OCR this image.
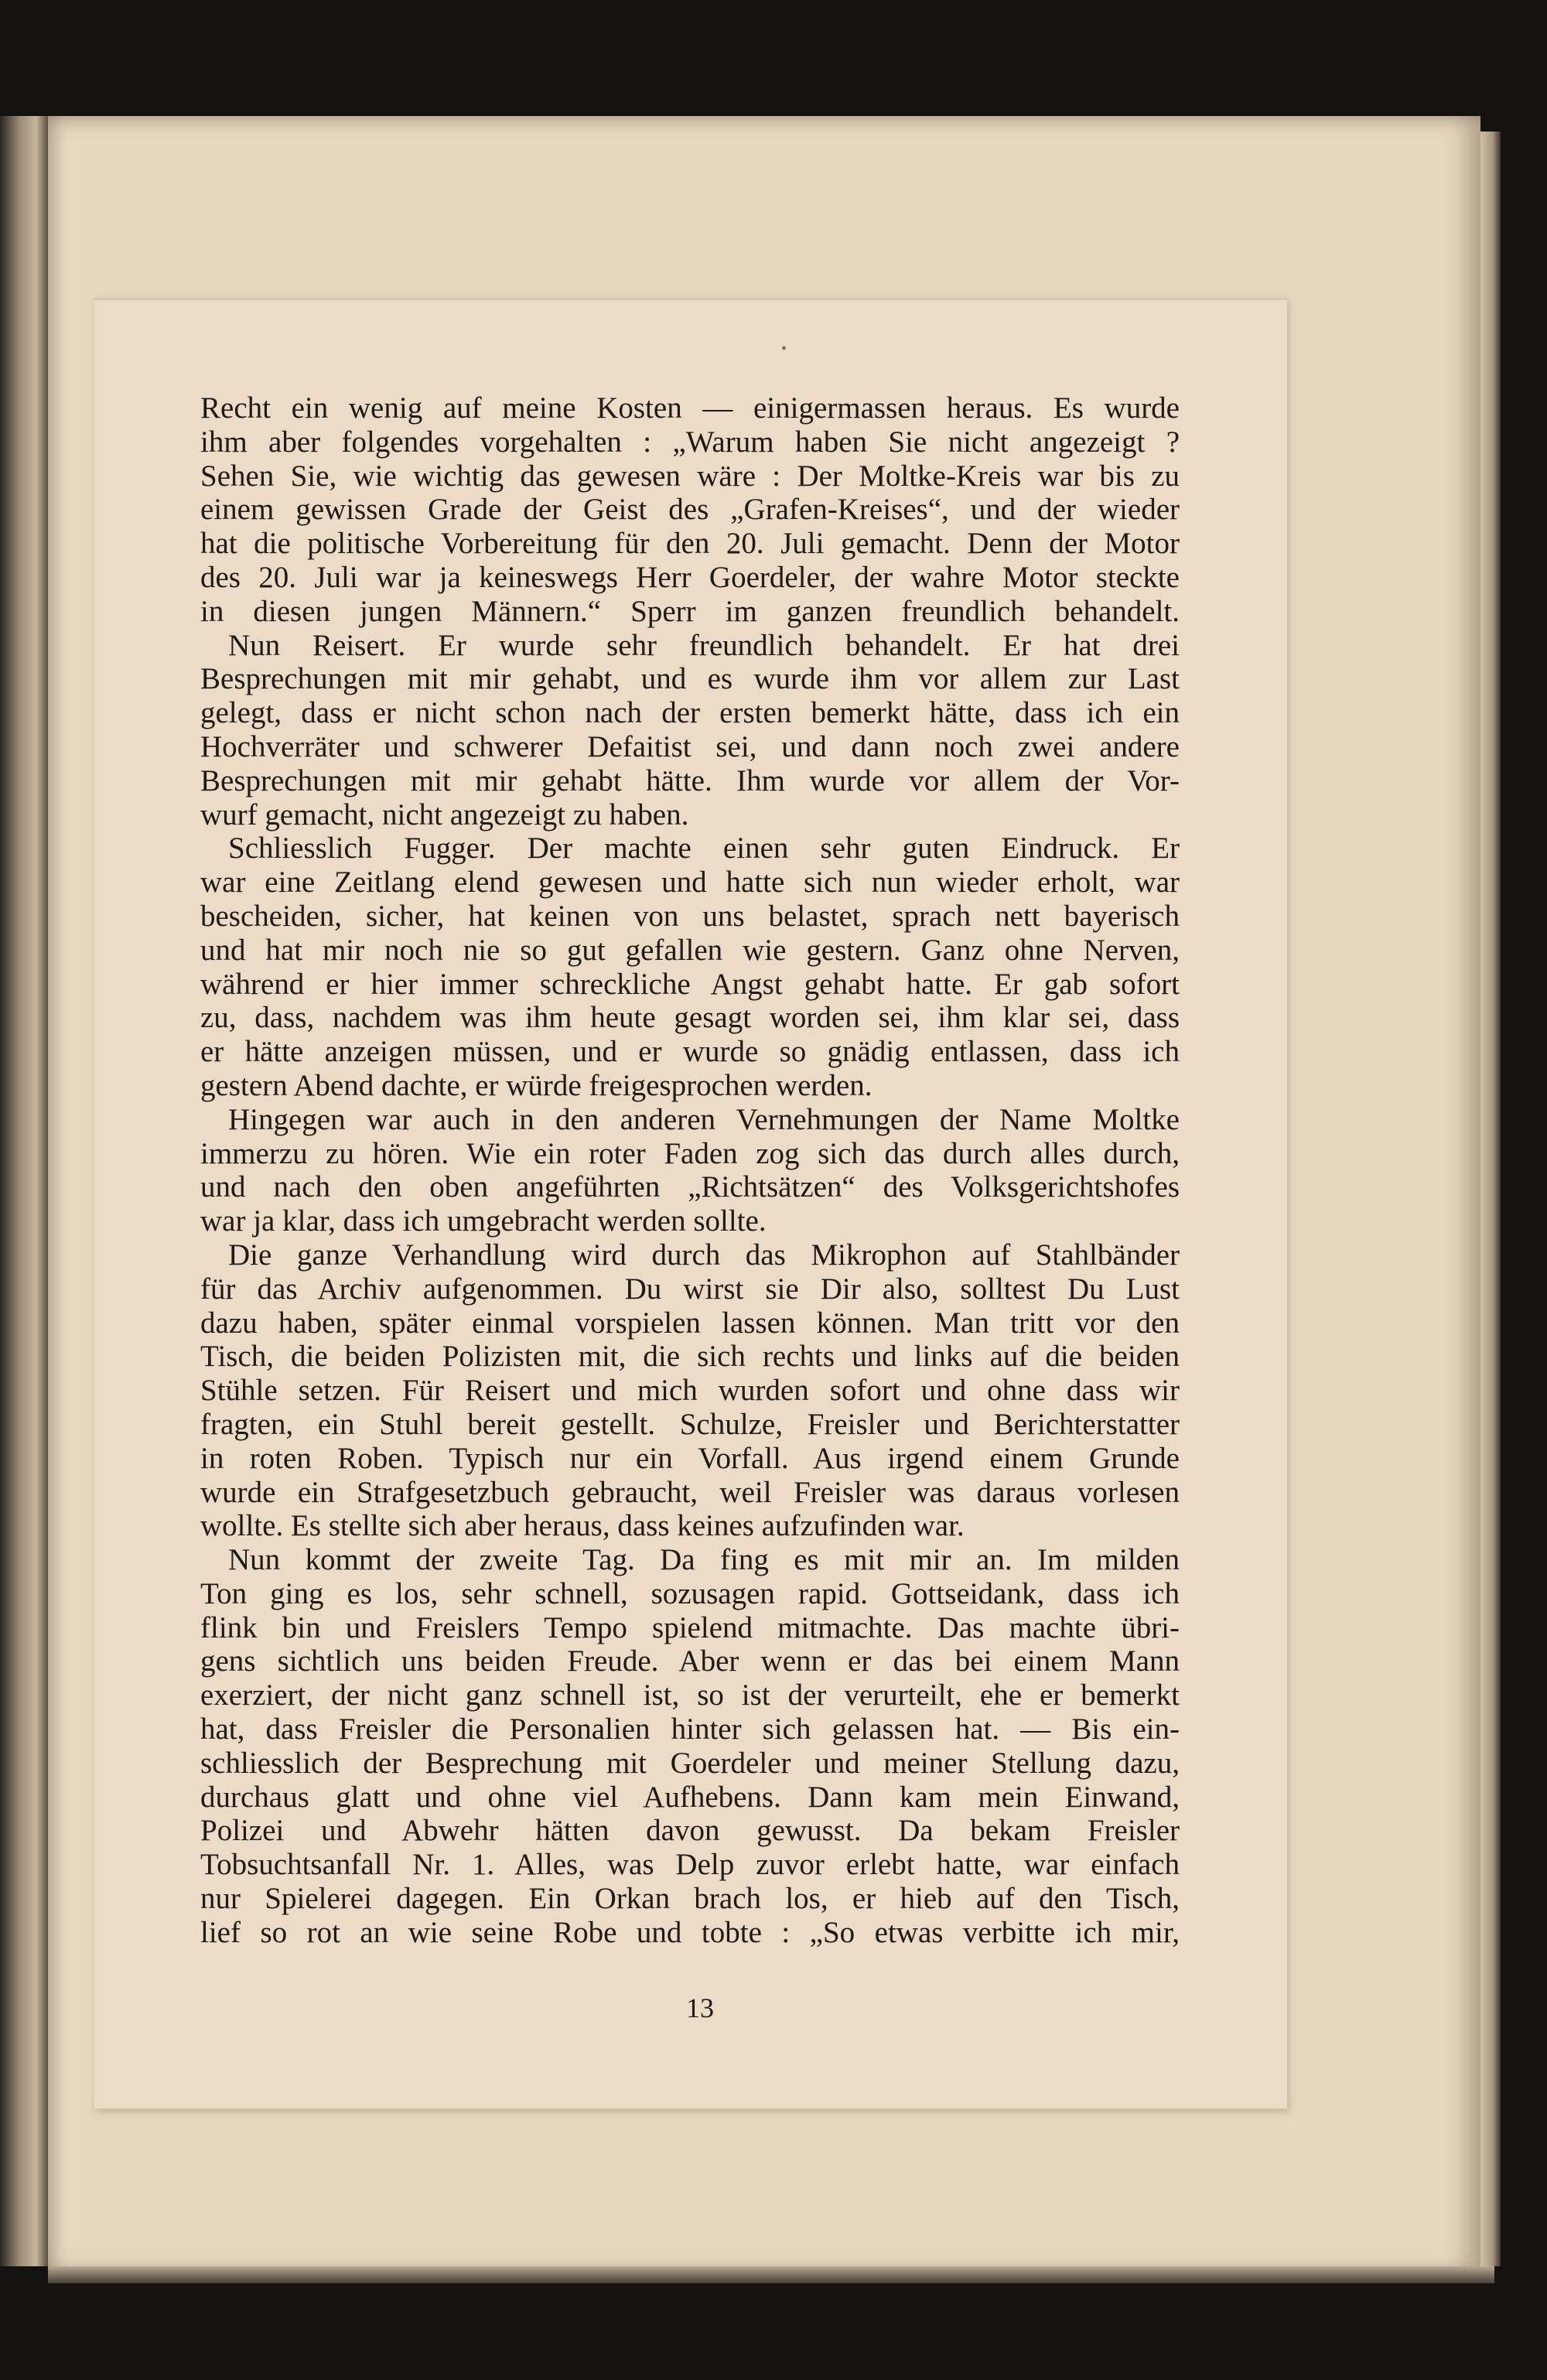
Recht ein wenig auf meine Kosten — einigermassen heraus. Es wurde
ihm aber folgendes vorgehalten : „Warum haben Sie nicht angezeigt ?
Sehen Sie, wie wichtig das gewesen wäre : Der Moltke-Kreis war bis zu
einem gewissen Grade der Geist des „Grafen-Kreises“, und der wieder
hat die politische Vorbereitung für den 20. Juli gemacht. Denn der Motor
des 20. Juli war ja keineswegs Herr Goerdeler, der wahre Motor steckte
in diesen jungen Männern.“ Sperr im ganzen freundlich behandelt.
Nun Reisert. Er wurde sehr freundlich behandelt. Er hat drei
Besprechungen mit mir gehabt, und es wurde ihm vor allem zur Last
gelegt, dass er nicht schon nach der ersten bemerkt hätte, dass ich ein
Hochverräter und schwerer Defaitist sei, und dann noch zwei andere
Besprechungen mit mir gehabt hätte. Ihm wurde vor allem der Vor-
wurf gemacht, nicht angezeigt zu haben.
Schliesslich Fugger. Der machte einen sehr guten Eindruck. Er
war eine Zeitlang elend gewesen und hatte sich nun wieder erholt, war
bescheiden, sicher, hat keinen von uns belastet, sprach nett bayerisch
und hat mir noch nie so gut gefallen wie gestern. Ganz ohne Nerven,
während er hier immer schreckliche Angst gehabt hatte. Er gab sofort
zu, dass, nachdem was ihm heute gesagt worden sei, ihm klar sei, dass
er hätte anzeigen müssen, und er wurde so gnädig entlassen, dass ich
gestern Abend dachte, er würde freigesprochen werden.
Hingegen war auch in den anderen Vernehmungen der Name Moltke
immerzu zu hören. Wie ein roter Faden zog sich das durch alles durch,
und nach den oben angeführten „Richtsätzen“ des Volksgerichtshofes
war ja klar, dass ich umgebracht werden sollte.
Die ganze Verhandlung wird durch das Mikrophon auf Stahlbänder
für das Archiv aufgenommen. Du wirst sie Dir also, solltest Du Lust
dazu haben, später einmal vorspielen lassen können. Man tritt vor den
Tisch, die beiden Polizisten mit, die sich rechts und links auf die beiden
Stühle setzen. Für Reisert und mich wurden sofort und ohne dass wir
fragten, ein Stuhl bereit gestellt. Schulze, Freisler und Berichterstatter
in roten Roben. Typisch nur ein Vorfall. Aus irgend einem Grunde
wurde ein Strafgesetzbuch gebraucht, weil Freisler was daraus vorlesen
wollte. Es stellte sich aber heraus, dass keines aufzufinden war.
Nun kommt der zweite Tag. Da fing es mit mir an. Im milden
Ton ging es los, sehr schnell, sozusagen rapid. Gottseidank, dass ich
flink bin und Freislers Tempo spielend mitmachte. Das machte übri-
gens sichtlich uns beiden Freude. Aber wenn er das bei einem Mann
exerziert, der nicht ganz schnell ist, so ist der verurteilt, ehe er bemerkt
hat, dass Freisler die Personalien hinter sich gelassen hat. — Bis ein-
schliesslich der Besprechung mit Goerdeler und meiner Stellung dazu,
durchaus glatt und ohne viel Aufhebens. Dann kam mein Einwand,
Polizei und Abwehr hätten davon gewusst. Da bekam Freisler
Tobsuchtsanfall Nr. 1. Alles, was Delp zuvor erlebt hatte, war einfach
nur Spielerei dagegen. Ein Orkan brach los, er hieb auf den Tisch,
lief so rot an wie seine Robe und tobte : „So etwas verbitte ich mir,
13
•
